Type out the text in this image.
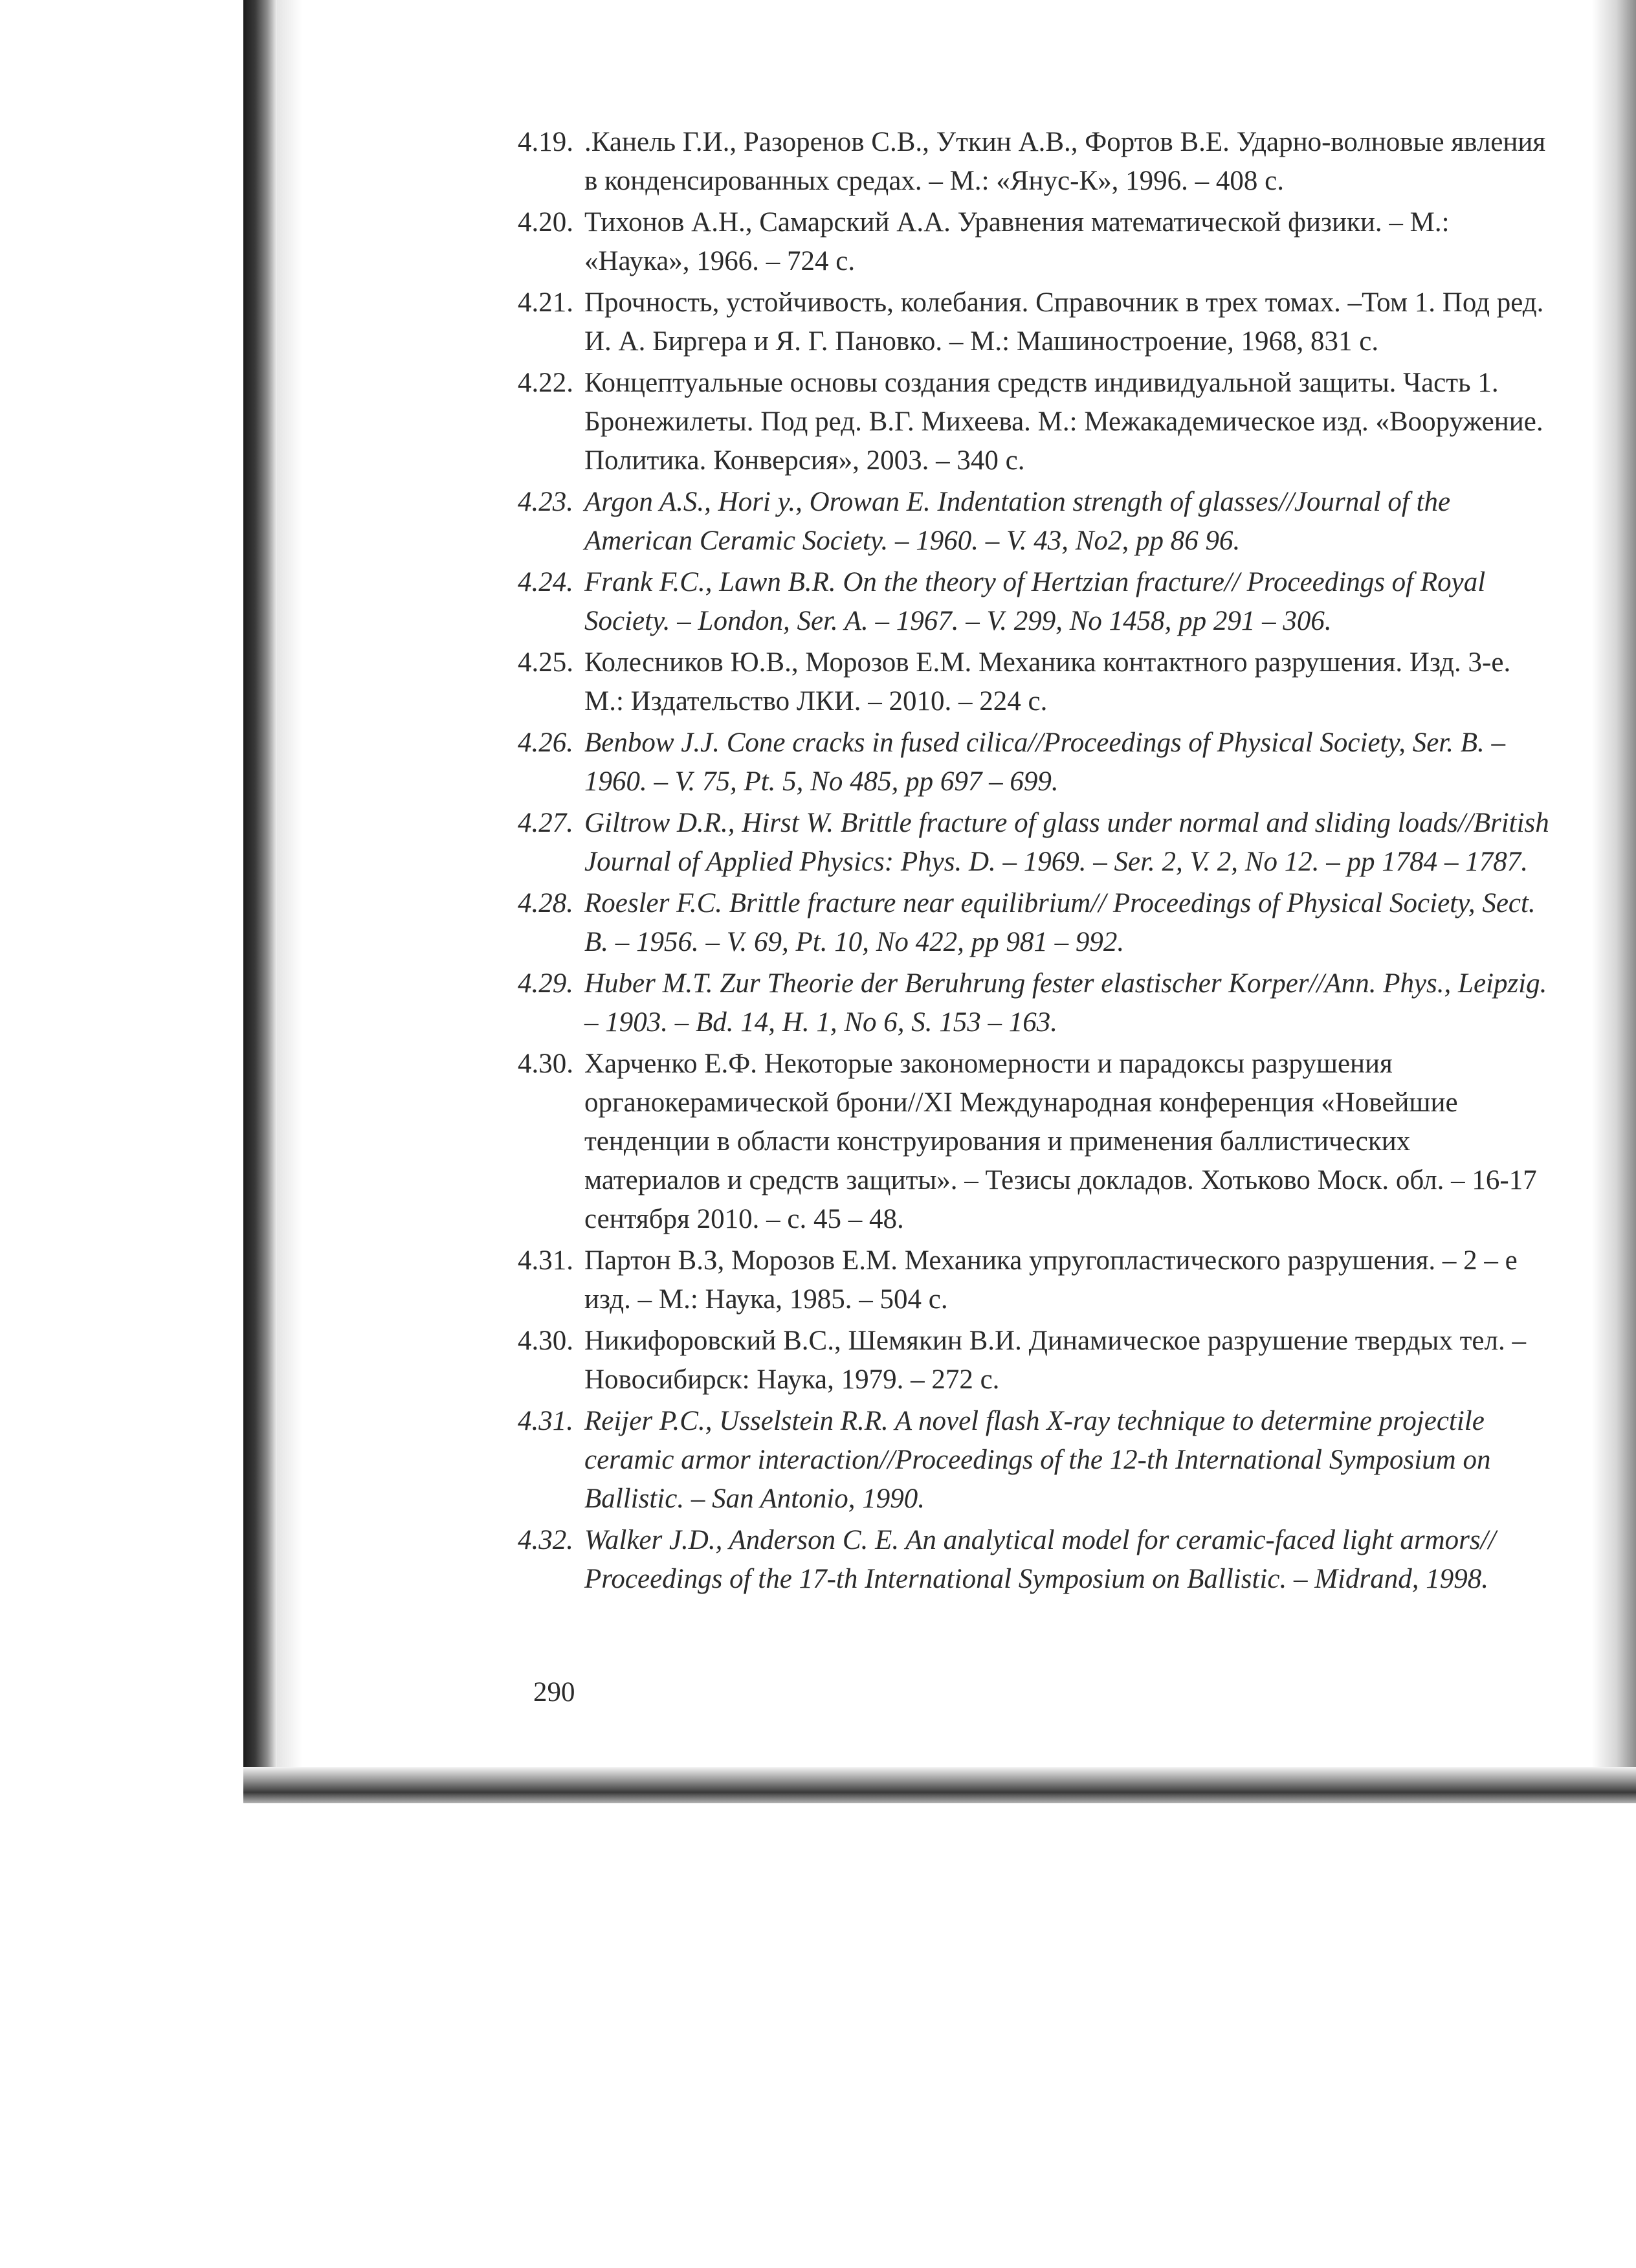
4.19. .Канель Г.И., Разоренов С.В., Уткин А.В., Фортов В.Е. Ударно-волновые явления в конденсированных средах. – М.: «Янус-К», 1996. – 408 с.
4.20. Тихонов А.Н., Самарский А.А. Уравнения математической физики. – М.: «Наука», 1966. – 724 с.
4.21. Прочность, устойчивость, колебания. Справочник в трех томах. –Том 1. Под ред. И. А. Биргера и Я. Г. Пановко. – М.: Машиностроение, 1968, 831 с.
4.22. Концептуальные основы создания средств индивидуальной защиты. Часть 1. Бронежилеты. Под ред. В.Г. Михеева. М.: Межакадемическое изд. «Вооружение. Политика. Конверсия», 2003. – 340 с.
4.23. Argon A.S., Hori y., Orowan E. Indentation strength of glasses//Journal of the American Ceramic Society. – 1960. – V. 43, No2, pp 86 96.
4.24. Frank F.C., Lawn B.R. On the theory of Hertzian fracture// Proceedings of Royal Society. – London, Ser. A. – 1967. – V. 299, No 1458, pp 291 – 306.
4.25. Колесников Ю.В., Морозов Е.М. Механика контактного разрушения. Изд. 3-е. М.: Издательство ЛКИ. – 2010. – 224 с.
4.26. Benbow J.J. Cone cracks in fused cilica//Proceedings of Physical Society, Ser. B. – 1960. – V. 75, Pt. 5, No 485, pp 697 – 699.
4.27. Giltrow D.R., Hirst W. Brittle fracture of glass under normal and sliding loads//British Journal of Applied Physics: Phys. D. – 1969. – Ser. 2, V. 2, No 12. – pp 1784 – 1787.
4.28. Roesler F.C. Brittle fracture near equilibrium// Proceedings of Physical Society, Sect. B. – 1956. – V. 69, Pt. 10, No 422, pp 981 – 992.
4.29. Huber M.T. Zur Theorie der Beruhrung fester elastischer Korper//Ann. Phys., Leipzig. – 1903. – Bd. 14, H. 1, No 6, S. 153 – 163.
4.30. Харченко Е.Ф. Некоторые закономерности и парадоксы разрушения органокерамической брони//XI Международная конференция «Новейшие тенденции в области конструирования и применения баллистических материалов и средств защиты». – Тезисы докладов. Хотьково Моск. обл. – 16-17 сентября 2010. – с. 45 – 48.
4.31. Партон В.З, Морозов Е.М. Механика упругопластического разрушения. – 2 – е изд. – М.: Наука, 1985. – 504 с.
4.30. Никифоровский В.С., Шемякин В.И. Динамическое разрушение твердых тел. – Новосибирск: Наука, 1979. – 272 с.
4.31. Reijer P.C., Usselstein R.R. A novel flash X-ray technique to determine projectile ceramic armor interaction//Proceedings of the 12-th International Symposium on Ballistic. – San Antonio, 1990.
4.32. Walker J.D., Anderson C. E. An analytical model for ceramic-faced light armors// Proceedings of the 17-th International Symposium on Ballistic. – Midrand, 1998.
290
